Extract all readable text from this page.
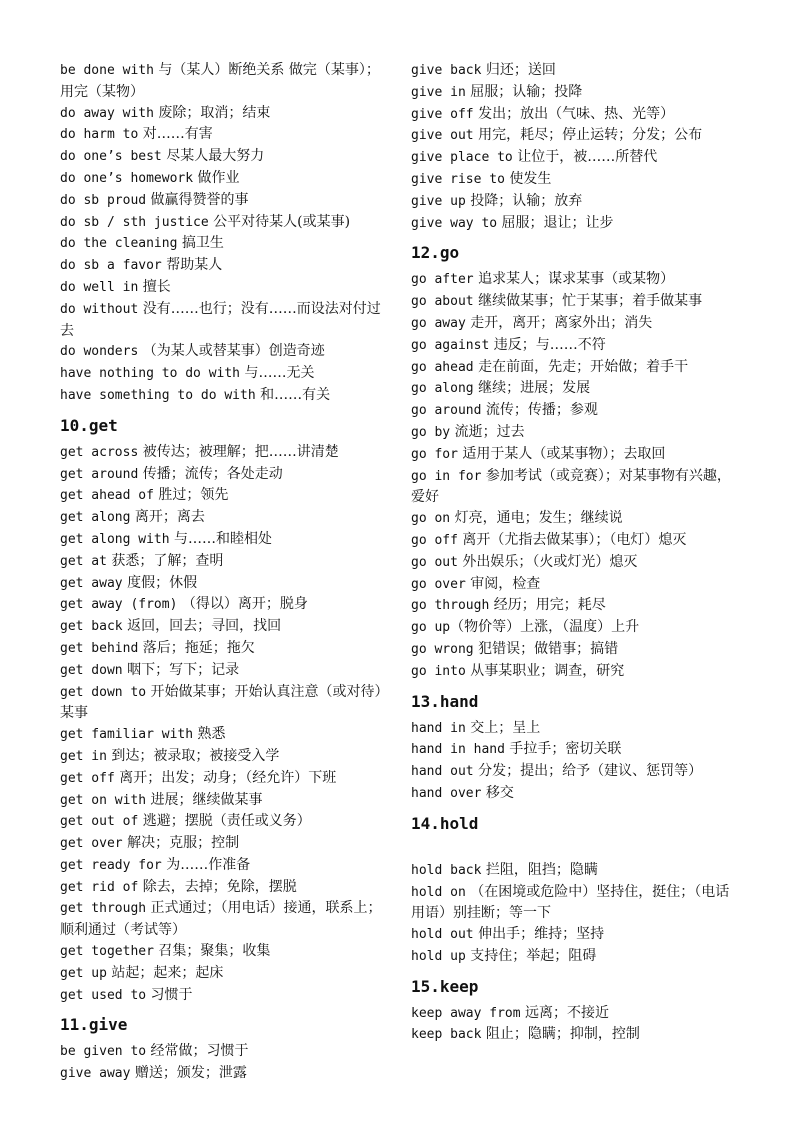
be done with 与（某人）断绝关系 做完（某事）；用完（某物）

do away with 废除；取消；结束

do harm to 对……有害

do one’s best 尽某人最大努力

do one’s homework 做作业

do sb proud 做赢得赞誉的事

do sb / sth justice 公平对待某人(或某事)

do the cleaning 搞卫生

do sb a favor 帮助某人

do well in 擅长

do without 没有……也行；没有……而设法对付过去

do wonders （为某人或替某事）创造奇迹

have nothing to do with 与……无关

have something to do with 和……有关

10.get

get across 被传达；被理解；把……讲清楚

get around 传播；流传；各处走动

get ahead of 胜过；领先

get along 离开；离去

get along with 与……和睦相处

get at 获悉；了解；查明

get away 度假；休假

get away (from) （得以）离开；脱身

get back 返回，回去；寻回，找回

get behind 落后；拖延；拖欠

get down 咽下；写下；记录

get down to 开始做某事；开始认真注意（或对待）某事

get familiar with 熟悉

get in 到达；被录取；被接受入学

get off 离开；出发；动身；（经允许）下班

get on with 进展；继续做某事

get out of 逃避；摆脱（责任或义务）

get over 解决；克服；控制

get ready for 为……作准备

get rid of 除去，去掉；免除，摆脱

get through 正式通过；（用电话）接通，联系上；顺利通过（考试等）

get together 召集；聚集；收集

get up 站起；起来；起床

get used to 习惯于

11.give

be given to 经常做；习惯于

give away 赠送；颁发；泄露

give back 归还；送回

give in 屈服；认输；投降

give off 发出；放出（气味、热、光等）

give out 用完，耗尽；停止运转；分发；公布

give place to 让位于，被……所替代

give rise to 使发生

give up 投降；认输；放弃

give way to 屈服；退让；让步

12.go

go after 追求某人；谋求某事（或某物）

go about 继续做某事；忙于某事；着手做某事

go away 走开，离开；离家外出；消失

go against 违反；与……不符

go ahead 走在前面，先走；开始做；着手干

go along 继续；进展；发展

go around 流传；传播；参观

go by 流逝；过去

go for 适用于某人（或某事物）；去取回

go in for 参加考试（或竞赛）；对某事物有兴趣，爱好

go on 灯亮，通电；发生；继续说

go off 离开（尤指去做某事）；（电灯）熄灭

go out 外出娱乐；（火或灯光）熄灭

go over 审阅，检查

go through 经历；用完；耗尽

go up（物价等）上涨，（温度）上升

go wrong 犯错误；做错事；搞错

go into 从事某职业；调查，研究

13.hand

hand in 交上；呈上

hand in hand 手拉手；密切关联

hand out 分发；提出；给予（建议、惩罚等）

hand over 移交

14.hold

hold back 拦阻，阻挡；隐瞒

hold on （在困境或危险中）坚持住，挺住；（电话用语）别挂断；等一下

hold out 伸出手；维持；坚持

hold up 支持住；举起；阻碍

15.keep

keep away from 远离；不接近

keep back 阻止；隐瞒；抑制，控制
